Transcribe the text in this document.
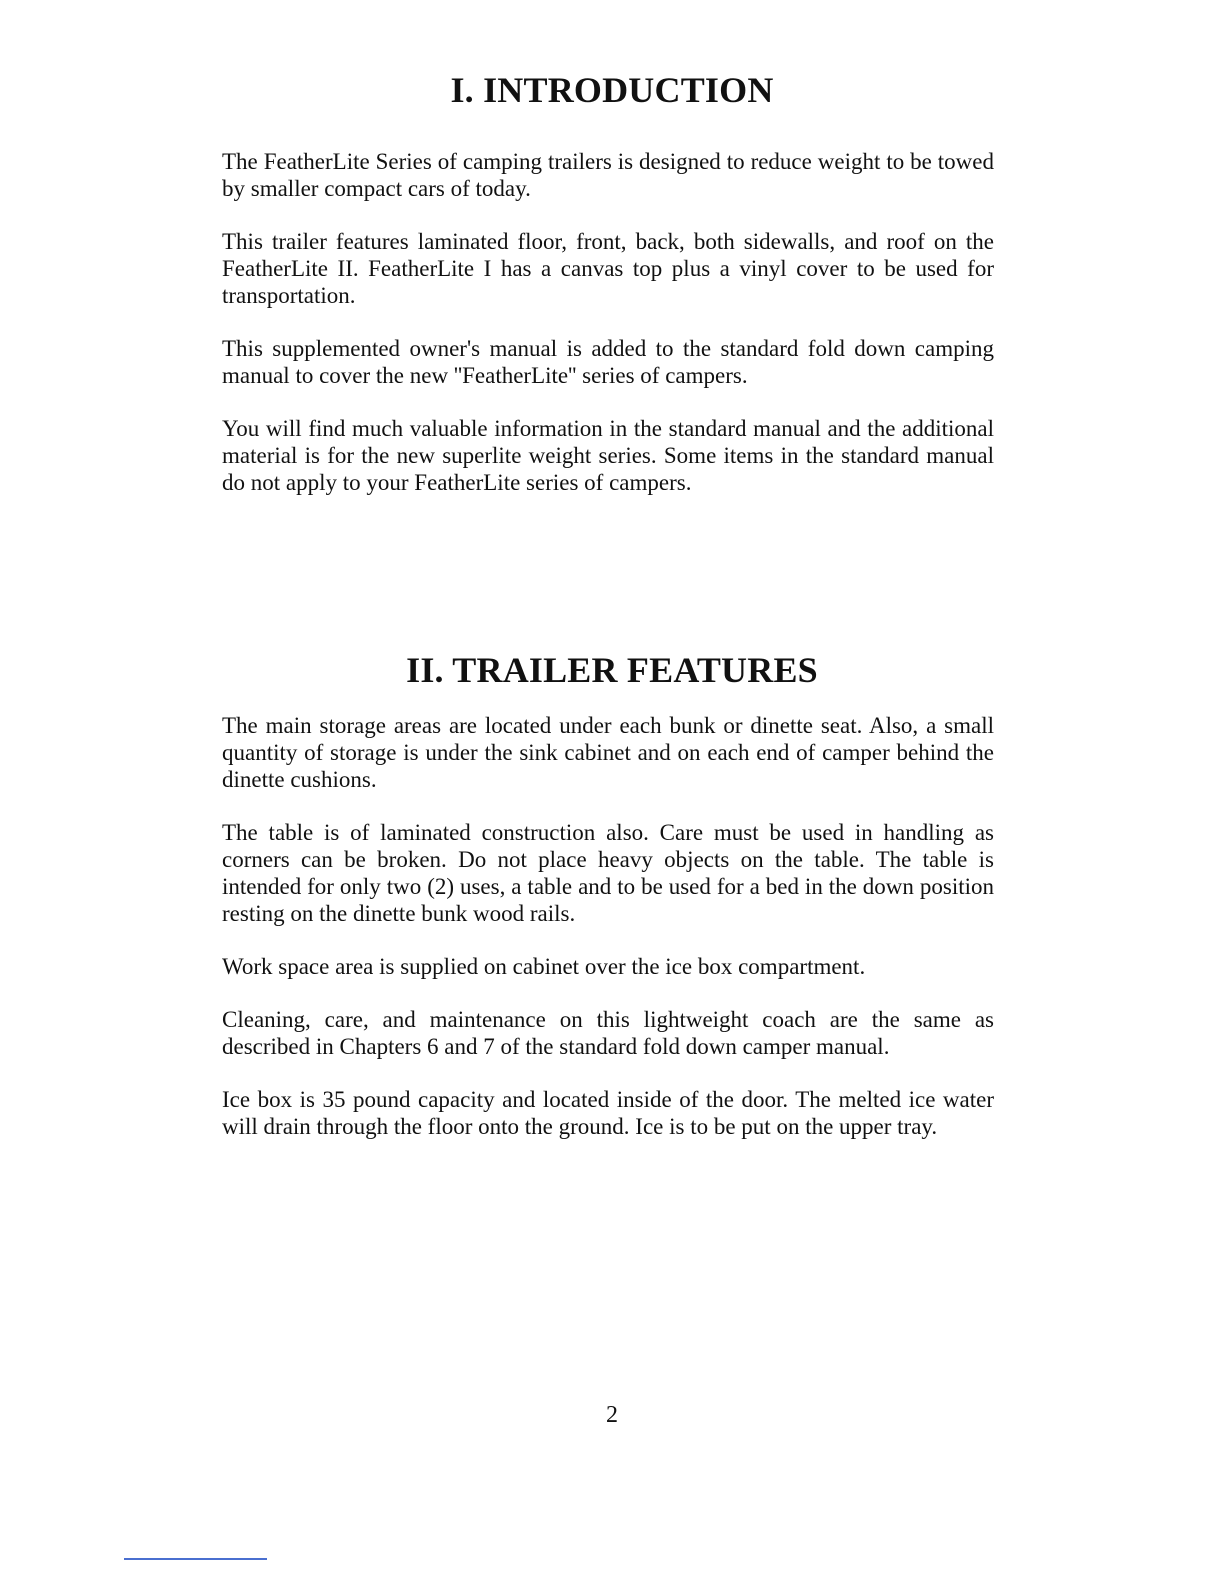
I. INTRODUCTION

The FeatherLite Series of camping trailers is designed to reduce weight to be towed by smaller compact cars of today.

This trailer features laminated floor, front, back, both sidewalls, and roof on the FeatherLite II. FeatherLite I has a canvas top plus a vinyl cover to be used for transportation.

This supplemented owner's manual is added to the standard fold down camping manual to cover the new ''FeatherLite'' series of campers.

You will find much valuable information in the standard manual and the additional material is for the new superlite weight series. Some items in the standard manual do not apply to your FeatherLite series of campers.

II. TRAILER FEATURES

The main storage areas are located under each bunk or dinette seat. Also, a small quantity of storage is under the sink cabinet and on each end of camper behind the dinette cushions.

The table is of laminated construction also. Care must be used in handling as corners can be broken. Do not place heavy objects on the table. The table is intended for only two (2) uses, a table and to be used for a bed in the down position resting on the dinette bunk wood rails.

Work space area is supplied on cabinet over the ice box compartment.

Cleaning, care, and maintenance on this lightweight coach are the same as described in Chapters 6 and 7 of the standard fold down camper manual.

Ice box is 35 pound capacity and located inside of the door. The melted ice water will drain through the floor onto the ground. Ice is to be put on the upper tray.

2
